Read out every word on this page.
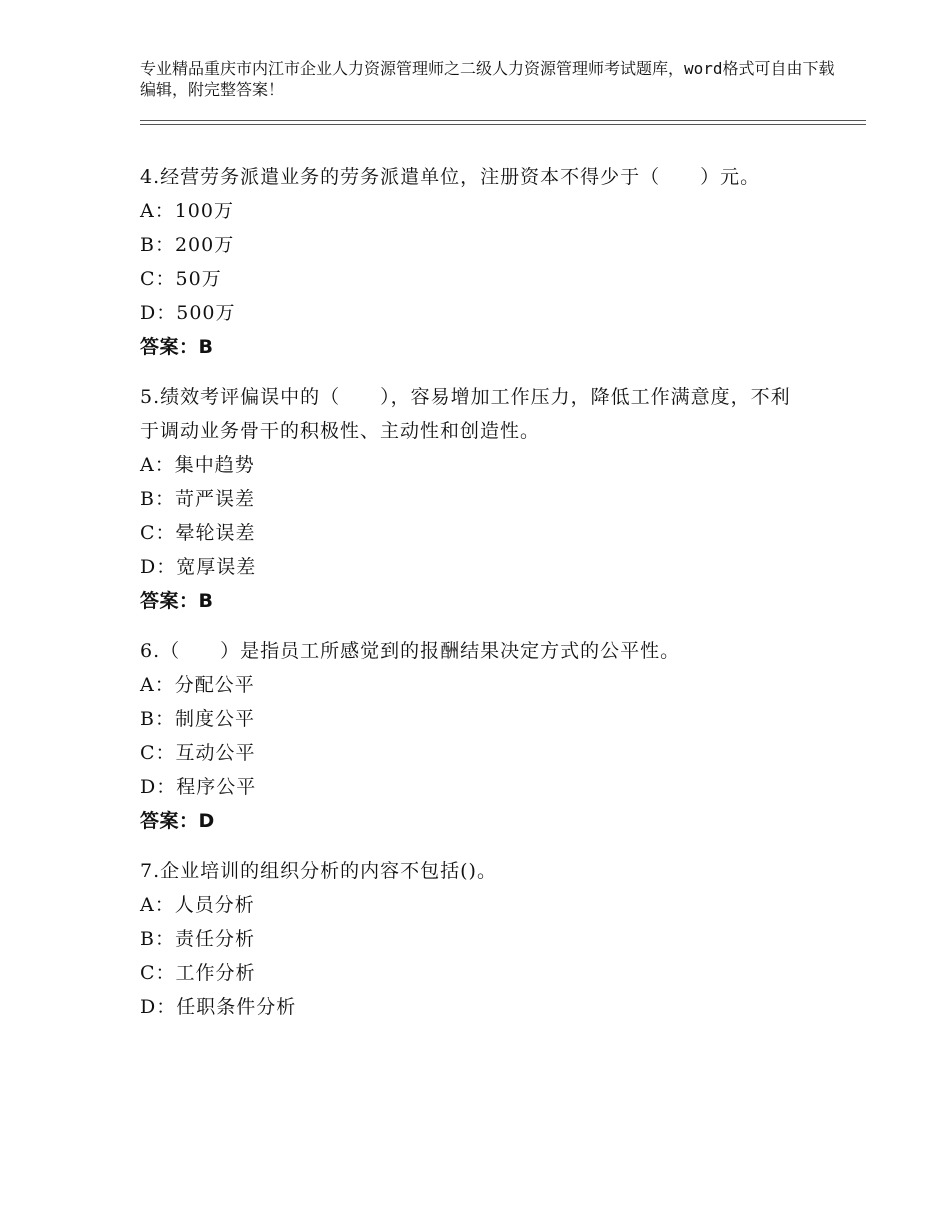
专业精品重庆市内江市企业人力资源管理师之二级人力资源管理师考试题库，word格式可自由下载编辑，附完整答案！

4.经营劳务派遣业务的劳务派遣单位，注册资本不得少于（　　）元。

A：100万

B：200万

C：50万

D：500万

答案：B

5.绩效考评偏误中的（　　），容易增加工作压力，降低工作满意度，不利于调动业务骨干的积极性、主动性和创造性。

A：集中趋势

B：苛严误差

C：晕轮误差

D：宽厚误差

答案：B

6.（　　）是指员工所感觉到的报酬结果决定方式的公平性。

A：分配公平

B：制度公平

C：互动公平

D：程序公平

答案：D

7.企业培训的组织分析的内容不包括()。

A：人员分析

B：责任分析

C：工作分析

D：任职条件分析
